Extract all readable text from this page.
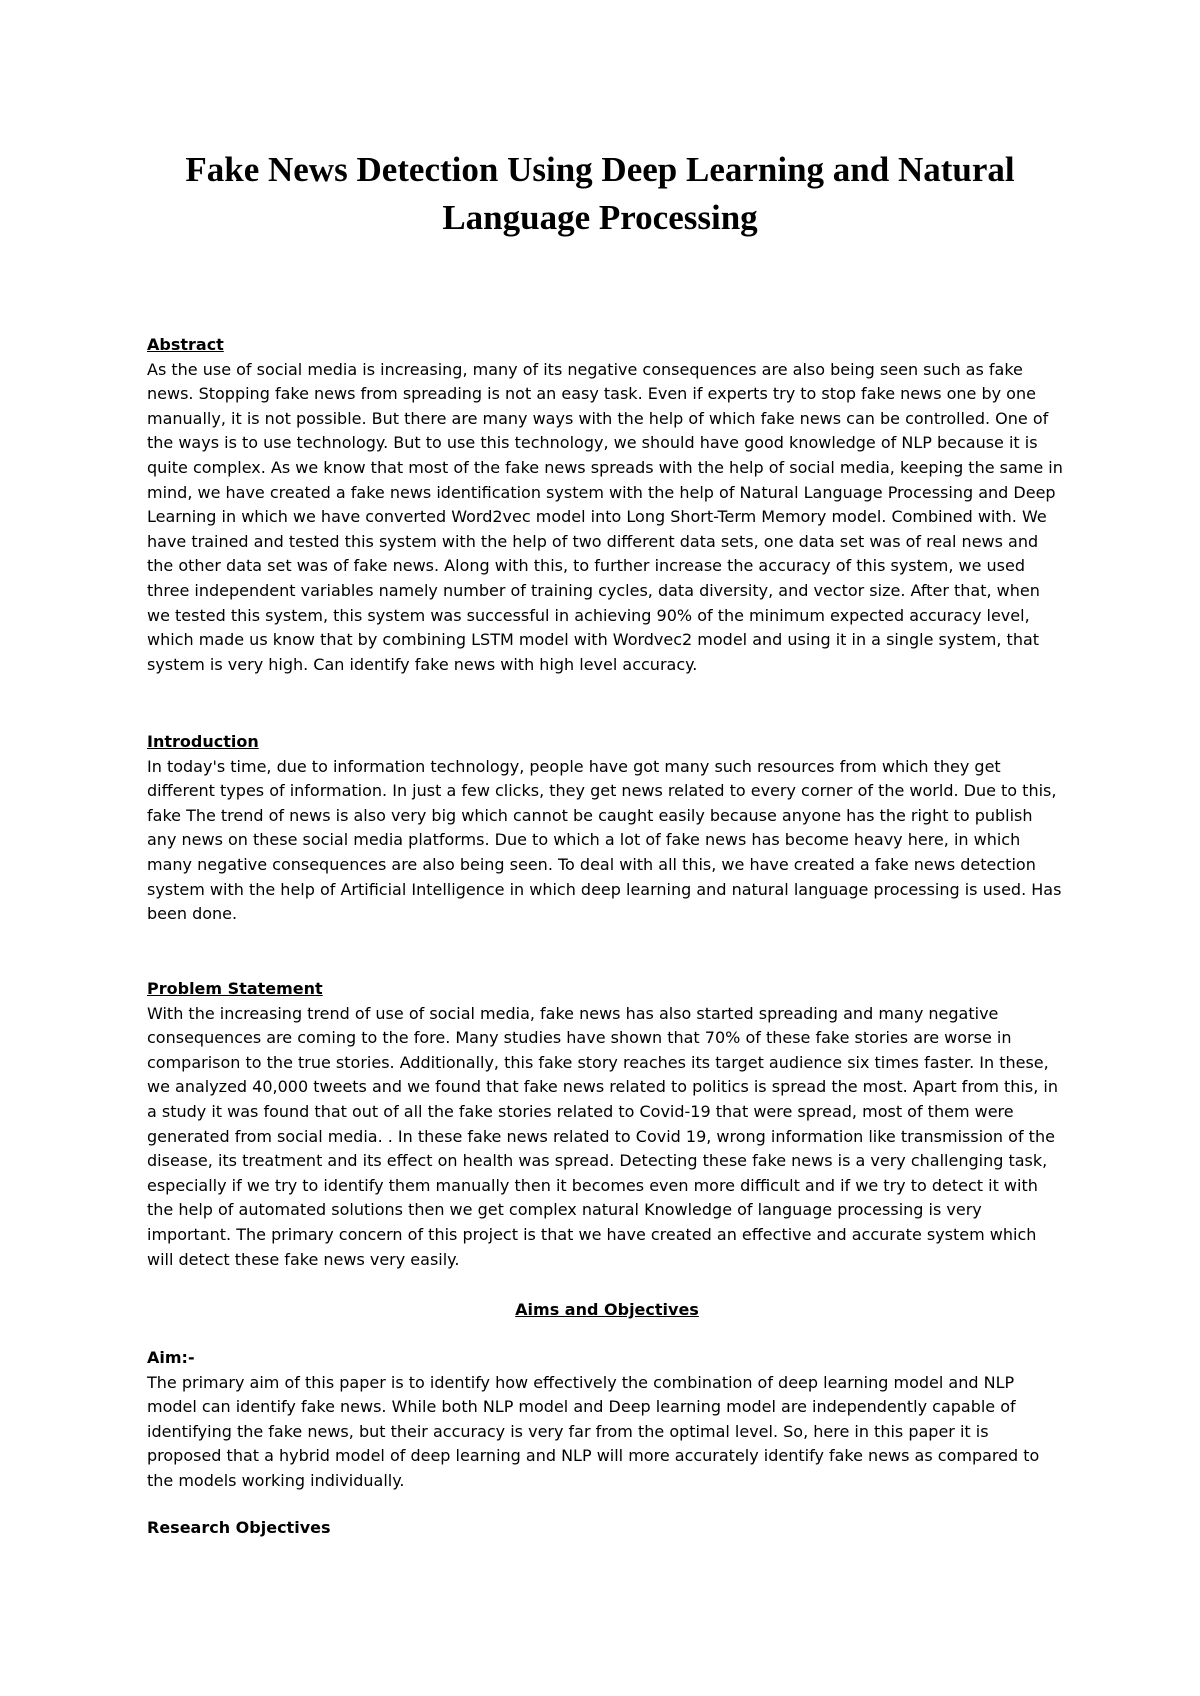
Fake News Detection Using Deep Learning and Natural Language Processing
Abstract
As the use of social media is increasing, many of its negative consequences are also being seen such as fake news. Stopping fake news from spreading is not an easy task. Even if experts try to stop fake news one by one manually, it is not possible. But there are many ways with the help of which fake news can be controlled. One of the ways is to use technology. But to use this technology, we should have good knowledge of NLP because it is quite complex. As we know that most of the fake news spreads with the help of social media, keeping the same in mind, we have created a fake news identification system with the help of Natural Language Processing and Deep Learning in which we have converted Word2vec model into Long Short-Term Memory model. Combined with. We have trained and tested this system with the help of two different data sets, one data set was of real news and the other data set was of fake news. Along with this, to further increase the accuracy of this system, we used three independent variables namely number of training cycles, data diversity, and vector size. After that, when we tested this system, this system was successful in achieving 90% of the minimum expected accuracy level, which made us know that by combining LSTM model with Wordvec2 model and using it in a single system, that system is very high. Can identify fake news with high level accuracy.
Introduction
In today's time, due to information technology, people have got many such resources from which they get different types of information. In just a few clicks, they get news related to every corner of the world. Due to this, fake The trend of news is also very big which cannot be caught easily because anyone has the right to publish any news on these social media platforms. Due to which a lot of fake news has become heavy here, in which many negative consequences are also being seen. To deal with all this, we have created a fake news detection system with the help of Artificial Intelligence in which deep learning and natural language processing is used. Has been done.
Problem Statement
With the increasing trend of use of social media, fake news has also started spreading and many negative consequences are coming to the fore. Many studies have shown that 70% of these fake stories are worse in comparison to the true stories. Additionally, this fake story reaches its target audience six times faster. In these, we analyzed 40,000 tweets and we found that fake news related to politics is spread the most. Apart from this, in a study it was found that out of all the fake stories related to Covid-19 that were spread, most of them were generated from social media. . In these fake news related to Covid 19, wrong information like transmission of the disease, its treatment and its effect on health was spread. Detecting these fake news is a very challenging task, especially if we try to identify them manually then it becomes even more difficult and if we try to detect it with the help of automated solutions then we get complex natural Knowledge of language processing is very important. The primary concern of this project is that we have created an effective and accurate system which will detect these fake news very easily.
Aims and Objectives
Aim:-
The primary aim of this paper is to identify how effectively the combination of deep learning model and NLP model can identify fake news. While both NLP model and Deep learning model are independently capable of identifying the fake news, but their accuracy is very far from the optimal level. So, here in this paper it is proposed that a hybrid model of deep learning and NLP will more accurately identify fake news as compared to the models working individually.
Research Objectives
